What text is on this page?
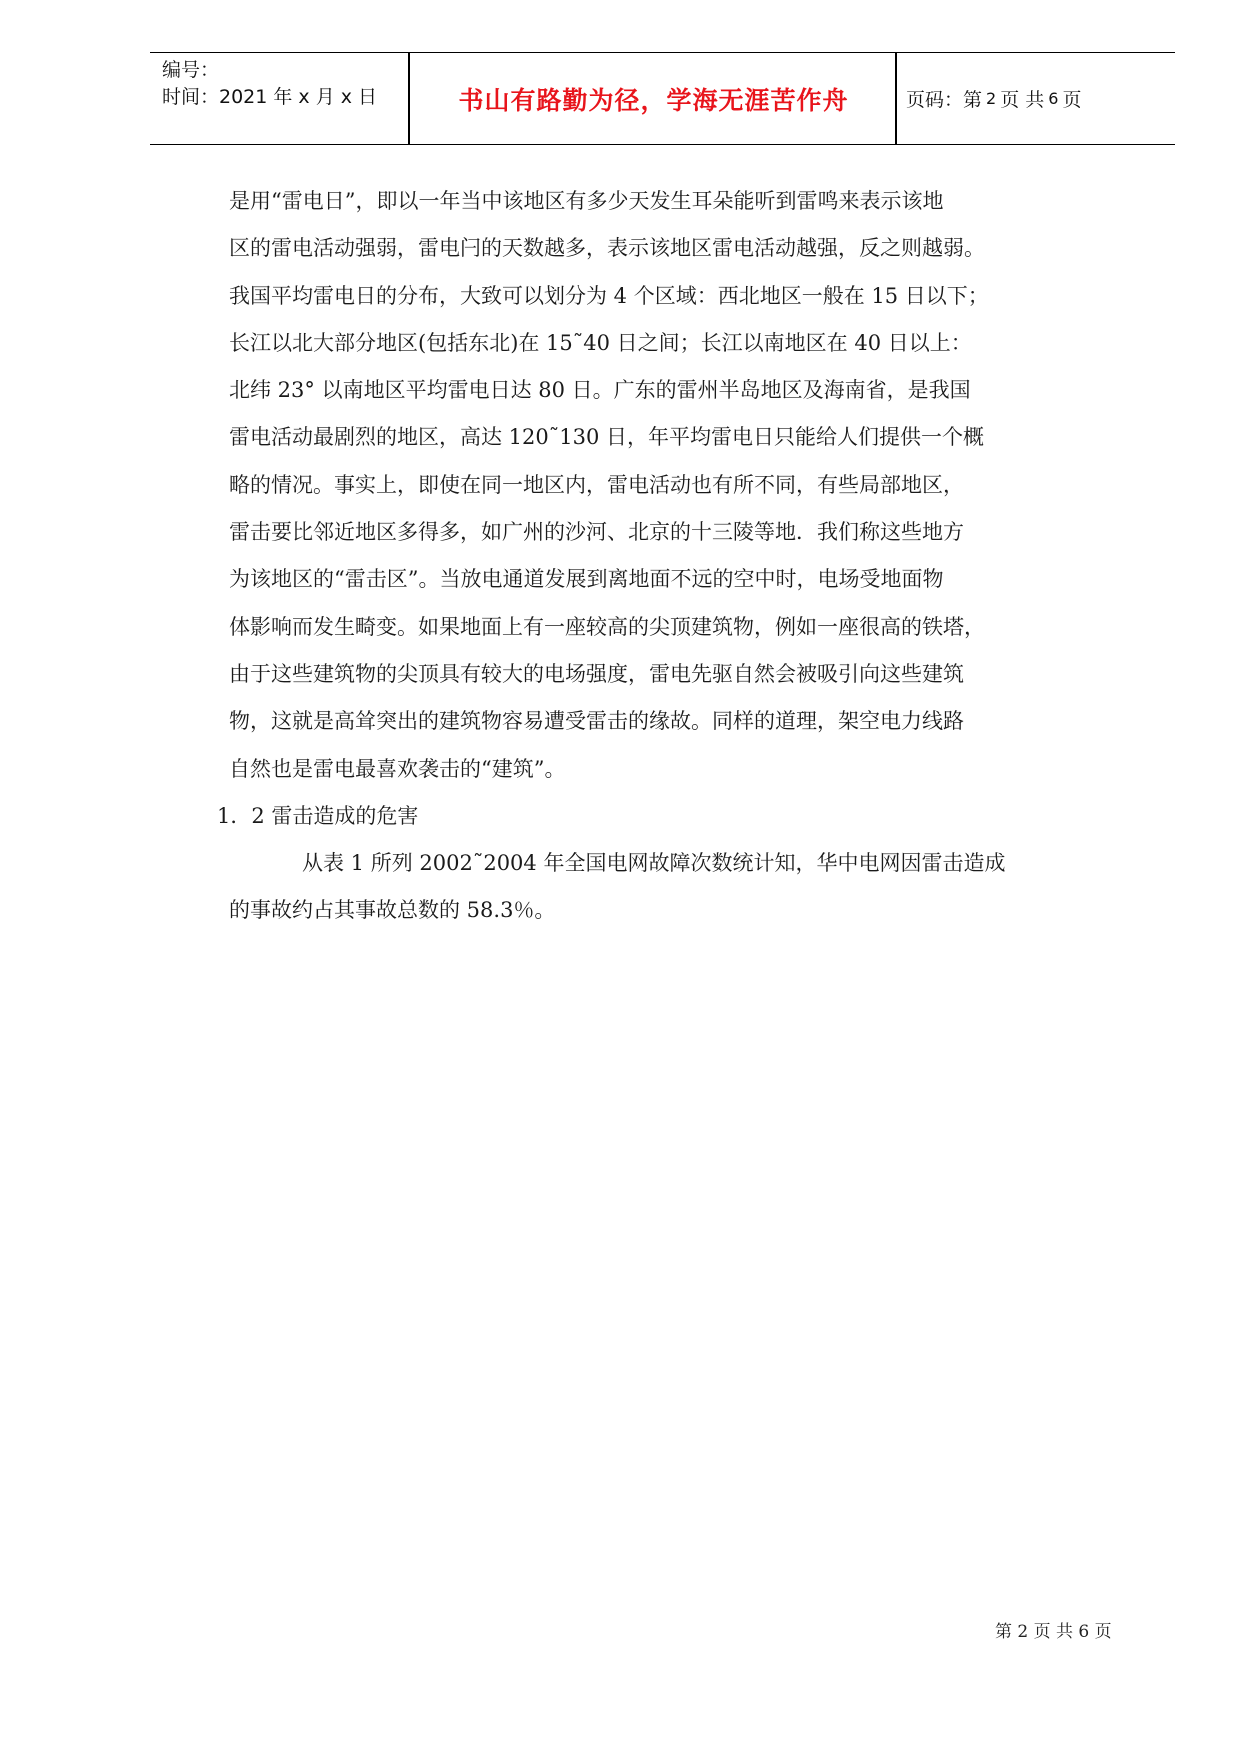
编号：
时间：2021 年 x 月 x 日	书山有路勤为径，学海无涯苦作舟	页码：第 2 页 共 6 页
是用“雷电日”，即以一年当中该地区有多少天发生耳朵能听到雷鸣来表示该地
区的雷电活动强弱，雷电闩的天数越多，表示该地区雷电活动越强，反之则越弱。
我国平均雷电日的分布，大致可以划分为 4 个区域：西北地区一般在 15 日以下；
长江以北大部分地区(包括东北)在 15˜40 日之间；长江以南地区在 40 日以上：
北纬 23° 以南地区平均雷电日达 80 日。广东的雷州半岛地区及海南省，是我国
雷电活动最剧烈的地区，高达 120˜130 日，年平均雷电日只能给人们提供一个概
略的情况。事实上，即使在同一地区内，雷电活动也有所不同，有些局部地区，
雷击要比邻近地区多得多，如广州的沙河、北京的十三陵等地．我们称这些地方
为该地区的“雷击区”。当放电通道发展到离地面不远的空中时，电场受地面物
体影响而发生畸变。如果地面上有一座较高的尖顶建筑物，例如一座很高的铁塔，
由于这些建筑物的尖顶具有较大的电场强度，雷电先驱自然会被吸引向这些建筑
物，这就是高耸突出的建筑物容易遭受雷击的缘故。同样的道理，架空电力线路
自然也是雷电最喜欢袭击的“建筑”。
1．2 雷击造成的危害
从表 1 所列 2002˜2004 年全国电网故障次数统计知，华中电网因雷击造成
的事故约占其事故总数的 58.3％。
第 2 页 共 6 页
